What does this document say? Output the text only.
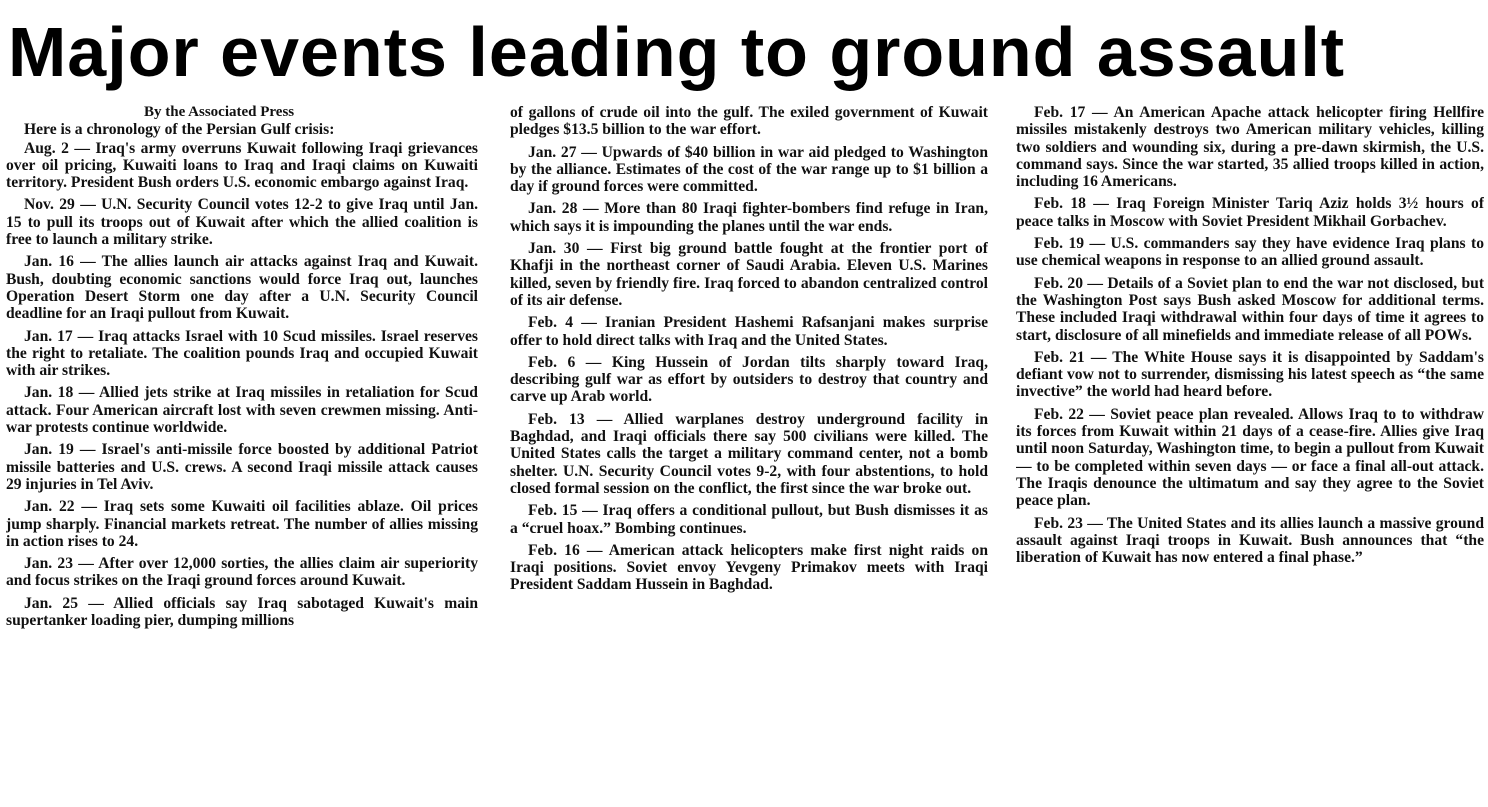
Major events leading to ground assault

By the Associated Press

Here is a chronology of the Persian Gulf crisis:

Aug. 2 — Iraq's army overruns Kuwait following Iraqi grievances over oil pricing, Kuwaiti loans to Iraq and Iraqi claims on Kuwaiti territory. President Bush orders U.S. economic embargo against Iraq.

Nov. 29 — U.N. Security Council votes 12-2 to give Iraq until Jan. 15 to pull its troops out of Kuwait after which the allied coalition is free to launch a military strike.

Jan. 16 — The allies launch air attacks against Iraq and Kuwait. Bush, doubting economic sanctions would force Iraq out, launches Operation Desert Storm one day after a U.N. Security Council deadline for an Iraqi pullout from Kuwait.

Jan. 17 — Iraq attacks Israel with 10 Scud missiles. Israel reserves the right to retaliate. The coalition pounds Iraq and occupied Kuwait with air strikes.

Jan. 18 — Allied jets strike at Iraq missiles in retaliation for Scud attack. Four American aircraft lost with seven crewmen missing. Anti-war protests continue worldwide.

Jan. 19 — Israel's anti-missile force boosted by additional Patriot missile batteries and U.S. crews. A second Iraqi missile attack causes 29 injuries in Tel Aviv.

Jan. 22 — Iraq sets some Kuwaiti oil facilities ablaze. Oil prices jump sharply. Financial markets retreat. The number of allies missing in action rises to 24.

Jan. 23 — After over 12,000 sorties, the allies claim air superiority and focus strikes on the Iraqi ground forces around Kuwait.

Jan. 25 — Allied officials say Iraq sabotaged Kuwait's main supertanker loading pier, dumping millions

of gallons of crude oil into the gulf. The exiled government of Kuwait pledges $13.5 billion to the war effort.

Jan. 27 — Upwards of $40 billion in war aid pledged to Washington by the alliance. Estimates of the cost of the war range up to $1 billion a day if ground forces were committed.

Jan. 28 — More than 80 Iraqi fighter-bombers find refuge in Iran, which says it is impounding the planes until the war ends.

Jan. 30 — First big ground battle fought at the frontier port of Khafji in the northeast corner of Saudi Arabia. Eleven U.S. Marines killed, seven by friendly fire. Iraq forced to abandon centralized control of its air defense.

Feb. 4 — Iranian President Hashemi Rafsanjani makes surprise offer to hold direct talks with Iraq and the United States.

Feb. 6 — King Hussein of Jordan tilts sharply toward Iraq, describing gulf war as effort by outsiders to destroy that country and carve up Arab world.

Feb. 13 — Allied warplanes destroy underground facility in Baghdad, and Iraqi officials there say 500 civilians were killed. The United States calls the target a military command center, not a bomb shelter. U.N. Security Council votes 9-2, with four abstentions, to hold closed formal session on the conflict, the first since the war broke out.

Feb. 15 — Iraq offers a conditional pullout, but Bush dismisses it as a “cruel hoax.” Bombing continues.

Feb. 16 — American attack helicopters make first night raids on Iraqi positions. Soviet envoy Yevgeny Primakov meets with Iraqi President Saddam Hussein in Baghdad.

Feb. 17 — An American Apache attack helicopter firing Hellfire missiles mistakenly destroys two American military vehicles, killing two soldiers and wounding six, during a pre-dawn skirmish, the U.S. command says. Since the war started, 35 allied troops killed in action, including 16 Americans.

Feb. 18 — Iraq Foreign Minister Tariq Aziz holds 3½ hours of peace talks in Moscow with Soviet President Mikhail Gorbachev.

Feb. 19 — U.S. commanders say they have evidence Iraq plans to use chemical weapons in response to an allied ground assault.

Feb. 20 — Details of a Soviet plan to end the war not disclosed, but the Washington Post says Bush asked Moscow for additional terms. These included Iraqi withdrawal within four days of time it agrees to start, disclosure of all minefields and immediate release of all POWs.

Feb. 21 — The White House says it is disappointed by Saddam's defiant vow not to surrender, dismissing his latest speech as “the same invective” the world had heard before.

Feb. 22 — Soviet peace plan revealed. Allows Iraq to to withdraw its forces from Kuwait within 21 days of a cease-fire. Allies give Iraq until noon Saturday, Washington time, to begin a pullout from Kuwait — to be completed within seven days — or face a final all-out attack. The Iraqis denounce the ultimatum and say they agree to the Soviet peace plan.

Feb. 23 — The United States and its allies launch a massive ground assault against Iraqi troops in Kuwait. Bush announces that “the liberation of Kuwait has now entered a final phase.”
